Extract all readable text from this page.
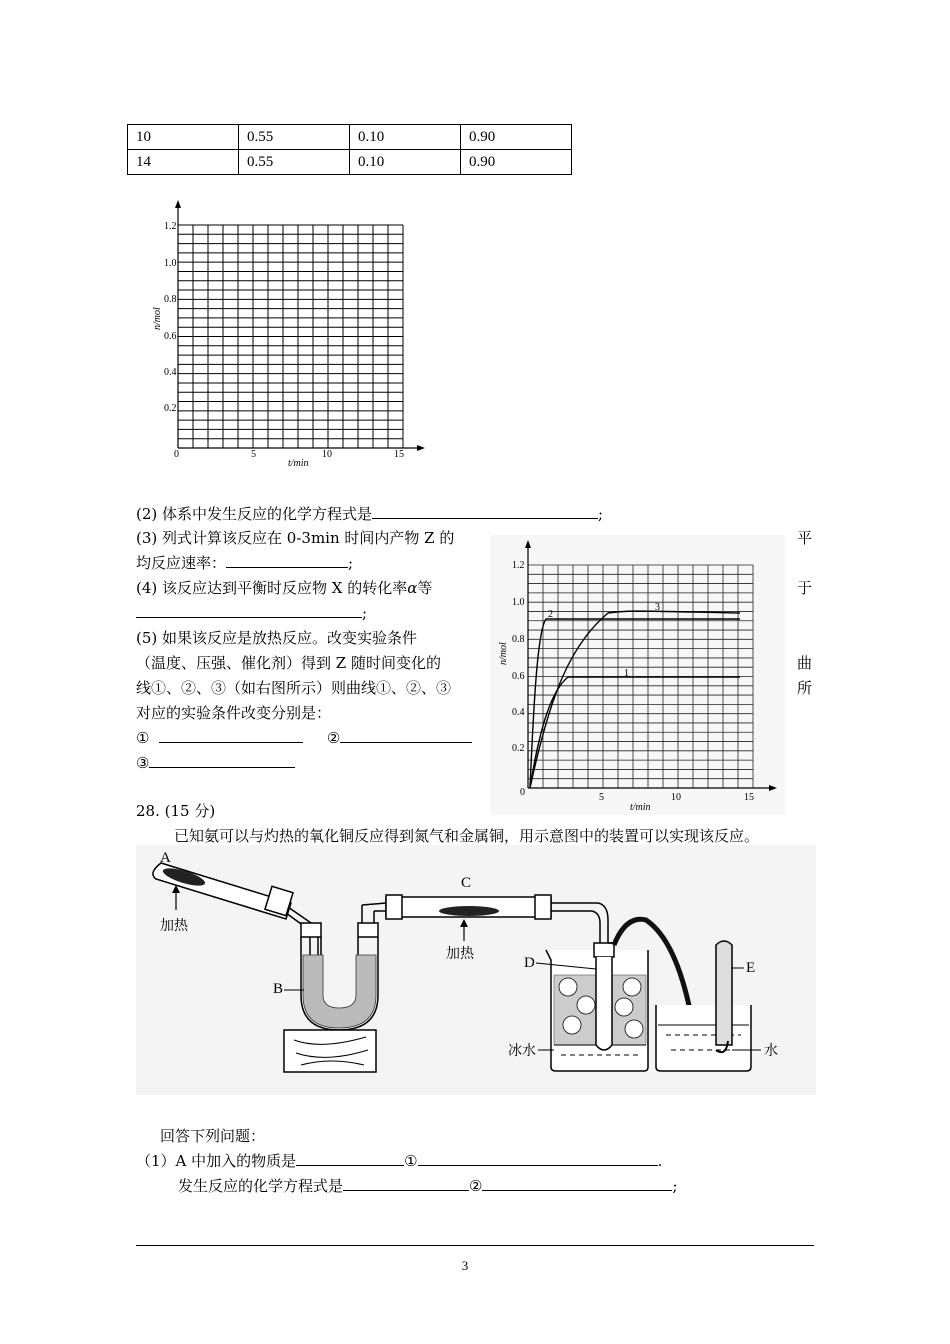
10	0.55	0.10	0.90
14	0.55	0.10	0.90
1.2
1.0
0.8
0.6
0.4
0.2
0	5	10	15
t/min
n/mol
(2) 体系中发生反应的化学方程式是	;
(3) 列式计算该反应在 0-3min 时间内产物 Z 的	平
均反应速率：	;
(4) 该反应达到平衡时反应物 X 的转化率α等	于
;
(5) 如果该反应是放热反应。改变实验条件
（温度、压强、催化剂）得到 Z 随时间变化的	曲
线①、②、③（如右图所示）则曲线①、②、③	所
对应的实验条件改变分别是：
①	②
③
1
2
3
1.2
1.0
0.8
0.6
0.4
0.2
0	5	10	15
t/min
n/mol
28. (15 分)
已知氨可以与灼热的氧化铜反应得到氮气和金属铜，用示意图中的装置可以实现该反应。
A
加热
B
C
加热
D
冰水
E
水
回答下列问题：
（1）A 中加入的物质是	①	.
发生反应的化学方程式是	②	;
3
